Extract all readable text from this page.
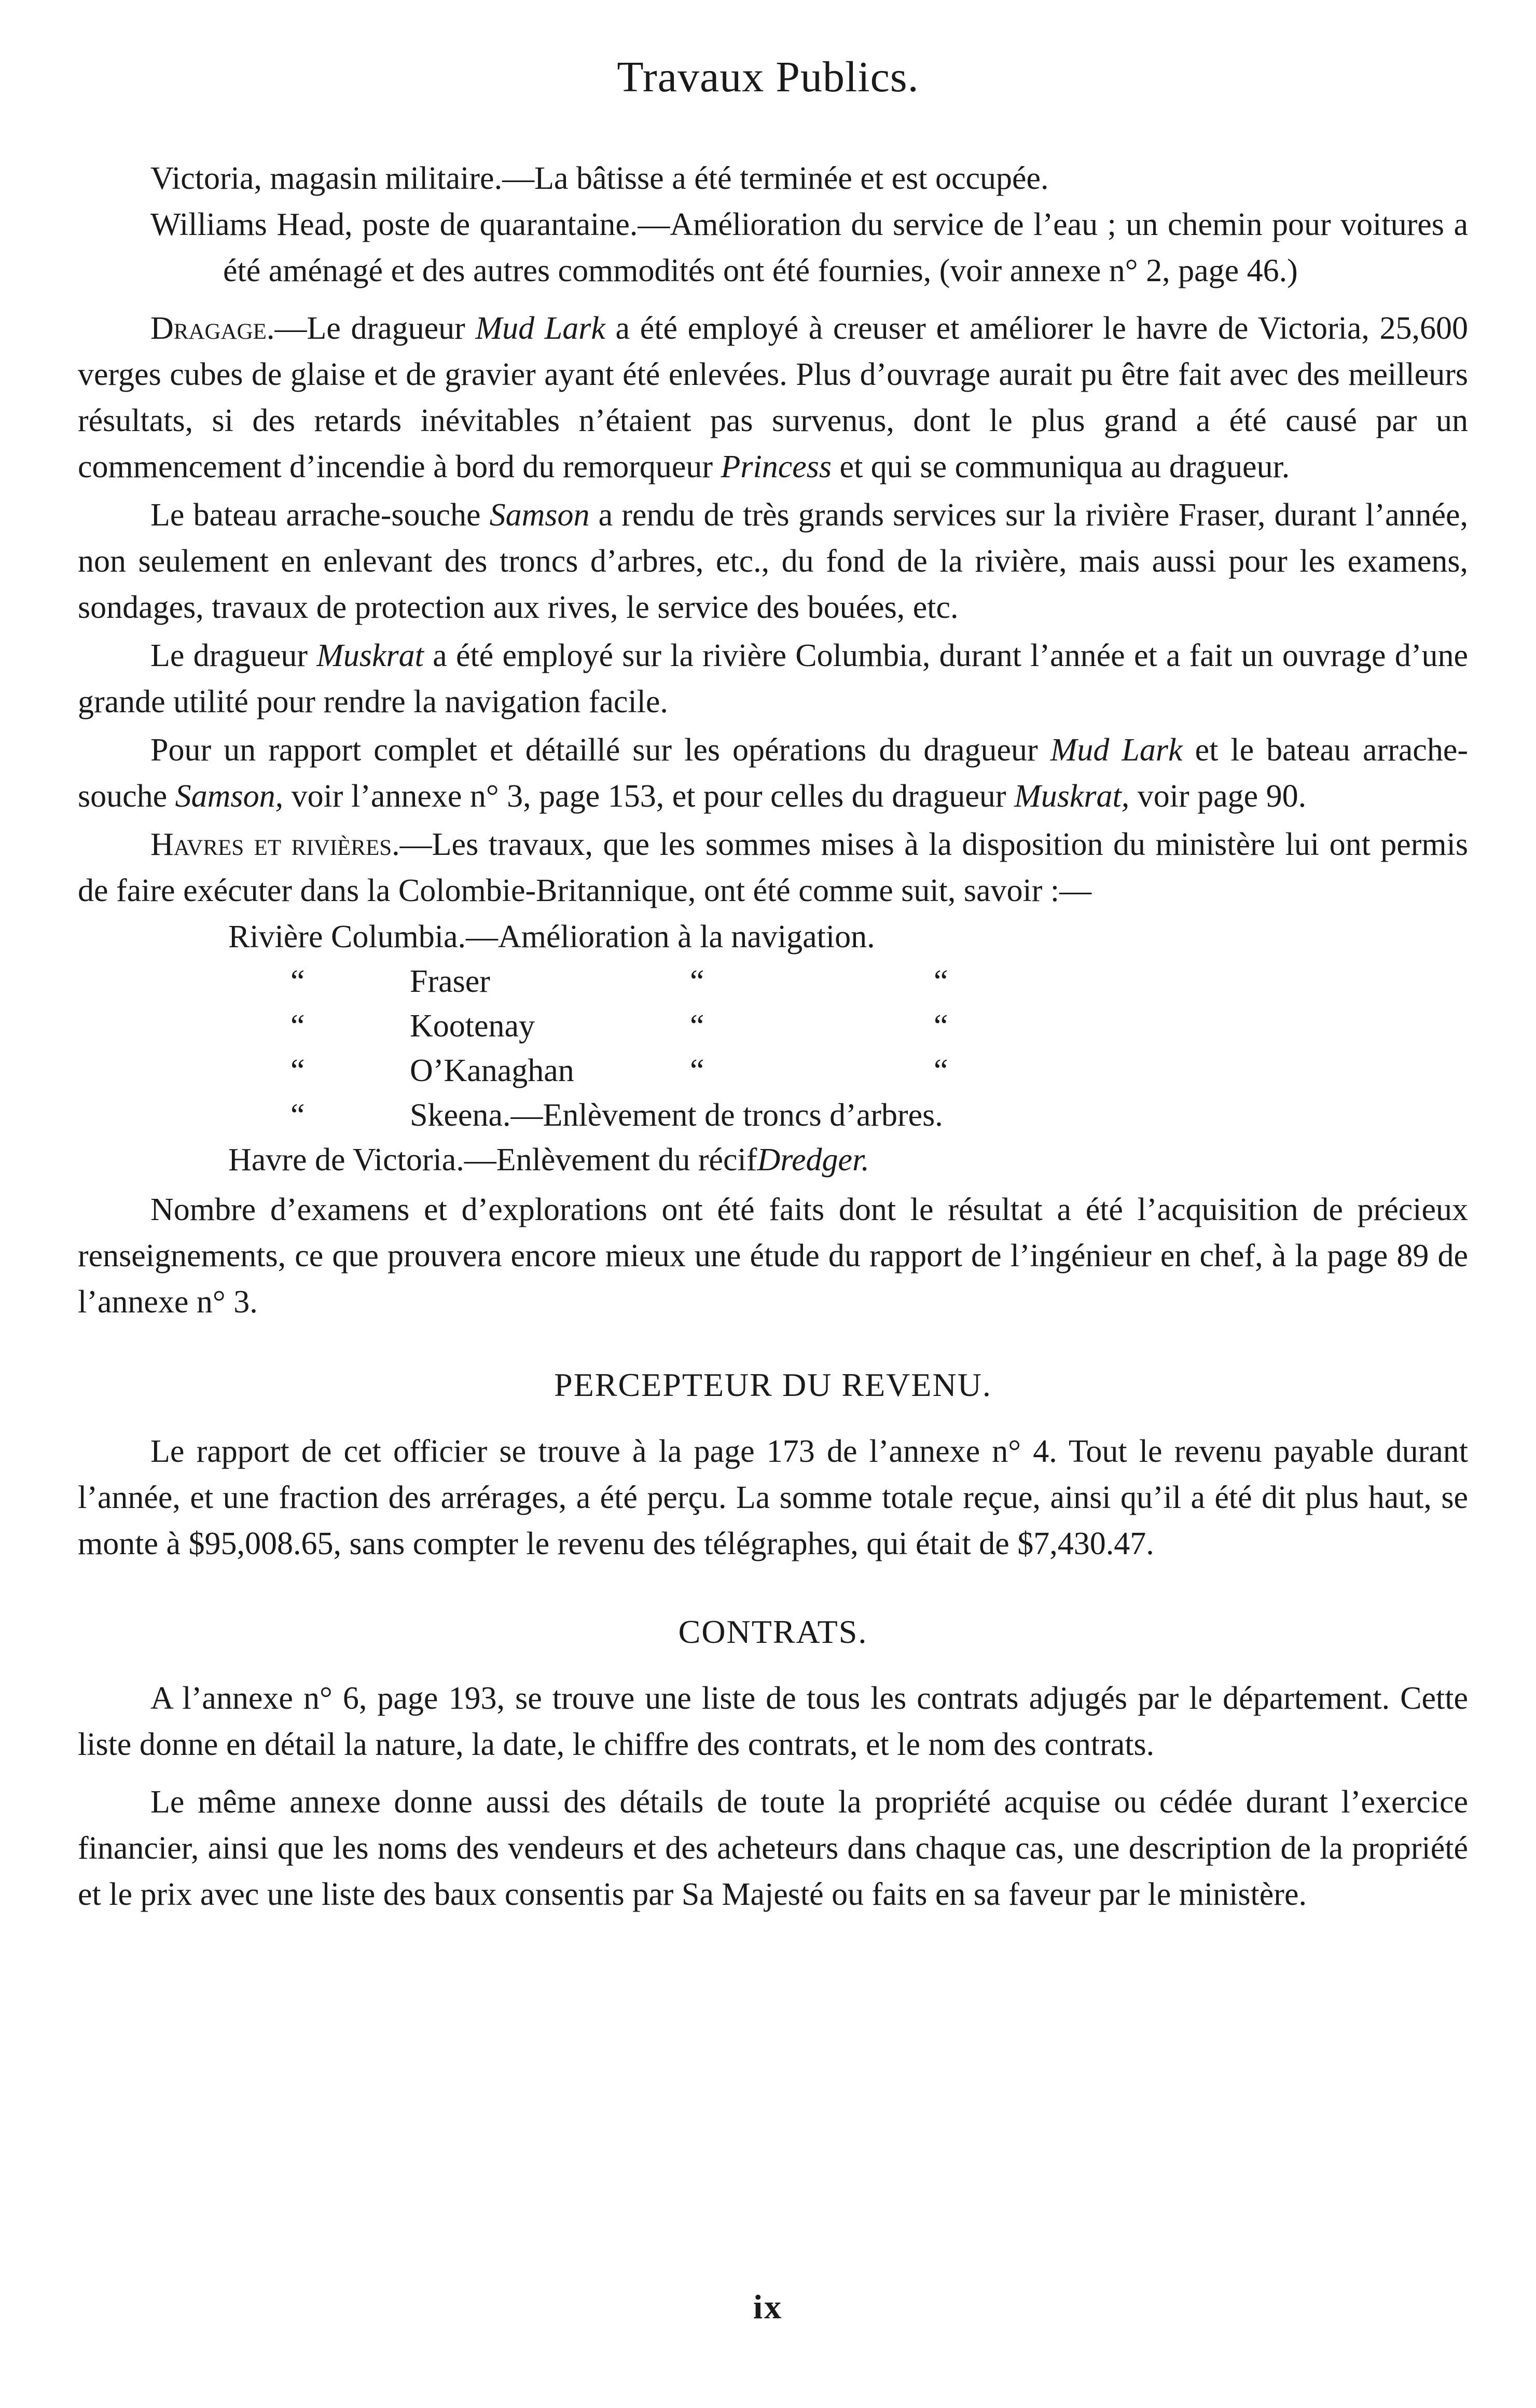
Travaux Publics.

Victoria, magasin militaire.—La bâtisse a été terminée et est occupée.

Williams Head, poste de quarantaine.—Amélioration du service de l’eau ; un chemin pour voitures a été aménagé et des autres commodités ont été fournies, (voir annexe n° 2, page 46.)

Dragage.—Le dragueur Mud Lark a été employé à creuser et améliorer le havre de Victoria, 25,600 verges cubes de glaise et de gravier ayant été enlevées. Plus d’ouvrage aurait pu être fait avec des meilleurs résultats, si des retards inévitables n’étaient pas survenus, dont le plus grand a été causé par un commencement d’incendie à bord du remorqueur Princess et qui se communiqua au dragueur.

Le bateau arrache-souche Samson a rendu de très grands services sur la rivière Fraser, durant l’année, non seulement en enlevant des troncs d’arbres, etc., du fond de la rivière, mais aussi pour les examens, sondages, travaux de protection aux rives, le service des bouées, etc.

Le dragueur Muskrat a été employé sur la rivière Columbia, durant l’année et a fait un ouvrage d’une grande utilité pour rendre la navigation facile.

Pour un rapport complet et détaillé sur les opérations du dragueur Mud Lark et le bateau arrache-souche Samson, voir l’annexe n° 3, page 153, et pour celles du dragueur Muskrat, voir page 90.

Havres et rivières.—Les travaux, que les sommes mises à la disposition du ministère lui ont permis de faire exécuter dans la Colombie-Britannique, ont été comme suit, savoir :—

Rivière Columbia.—Amélioration à la navigation.
“	Fraser	“	“
“	Kootenay	“	“
“	O’Kanaghan	“	“
“	Skeena.—Enlèvement de troncs d’arbres.
Havre de Victoria.—Enlèvement du récif Dredger.

Nombre d’examens et d’explorations ont été faits dont le résultat a été l’acquisition de précieux renseignements, ce que prouvera encore mieux une étude du rapport de l’ingénieur en chef, à la page 89 de l’annexe n° 3.

PERCEPTEUR DU REVENU.

Le rapport de cet officier se trouve à la page 173 de l’annexe n° 4. Tout le revenu payable durant l’année, et une fraction des arrérages, a été perçu. La somme totale reçue, ainsi qu’il a été dit plus haut, se monte à $95,008.65, sans compter le revenu des télégraphes, qui était de $7,430.47.

CONTRATS.

A l’annexe n° 6, page 193, se trouve une liste de tous les contrats adjugés par le département. Cette liste donne en détail la nature, la date, le chiffre des contrats, et le nom des contrats.

Le même annexe donne aussi des détails de toute la propriété acquise ou cédée durant l’exercice financier, ainsi que les noms des vendeurs et des acheteurs dans chaque cas, une description de la propriété et le prix avec une liste des baux consentis par Sa Majesté ou faits en sa faveur par le ministère.

ix
